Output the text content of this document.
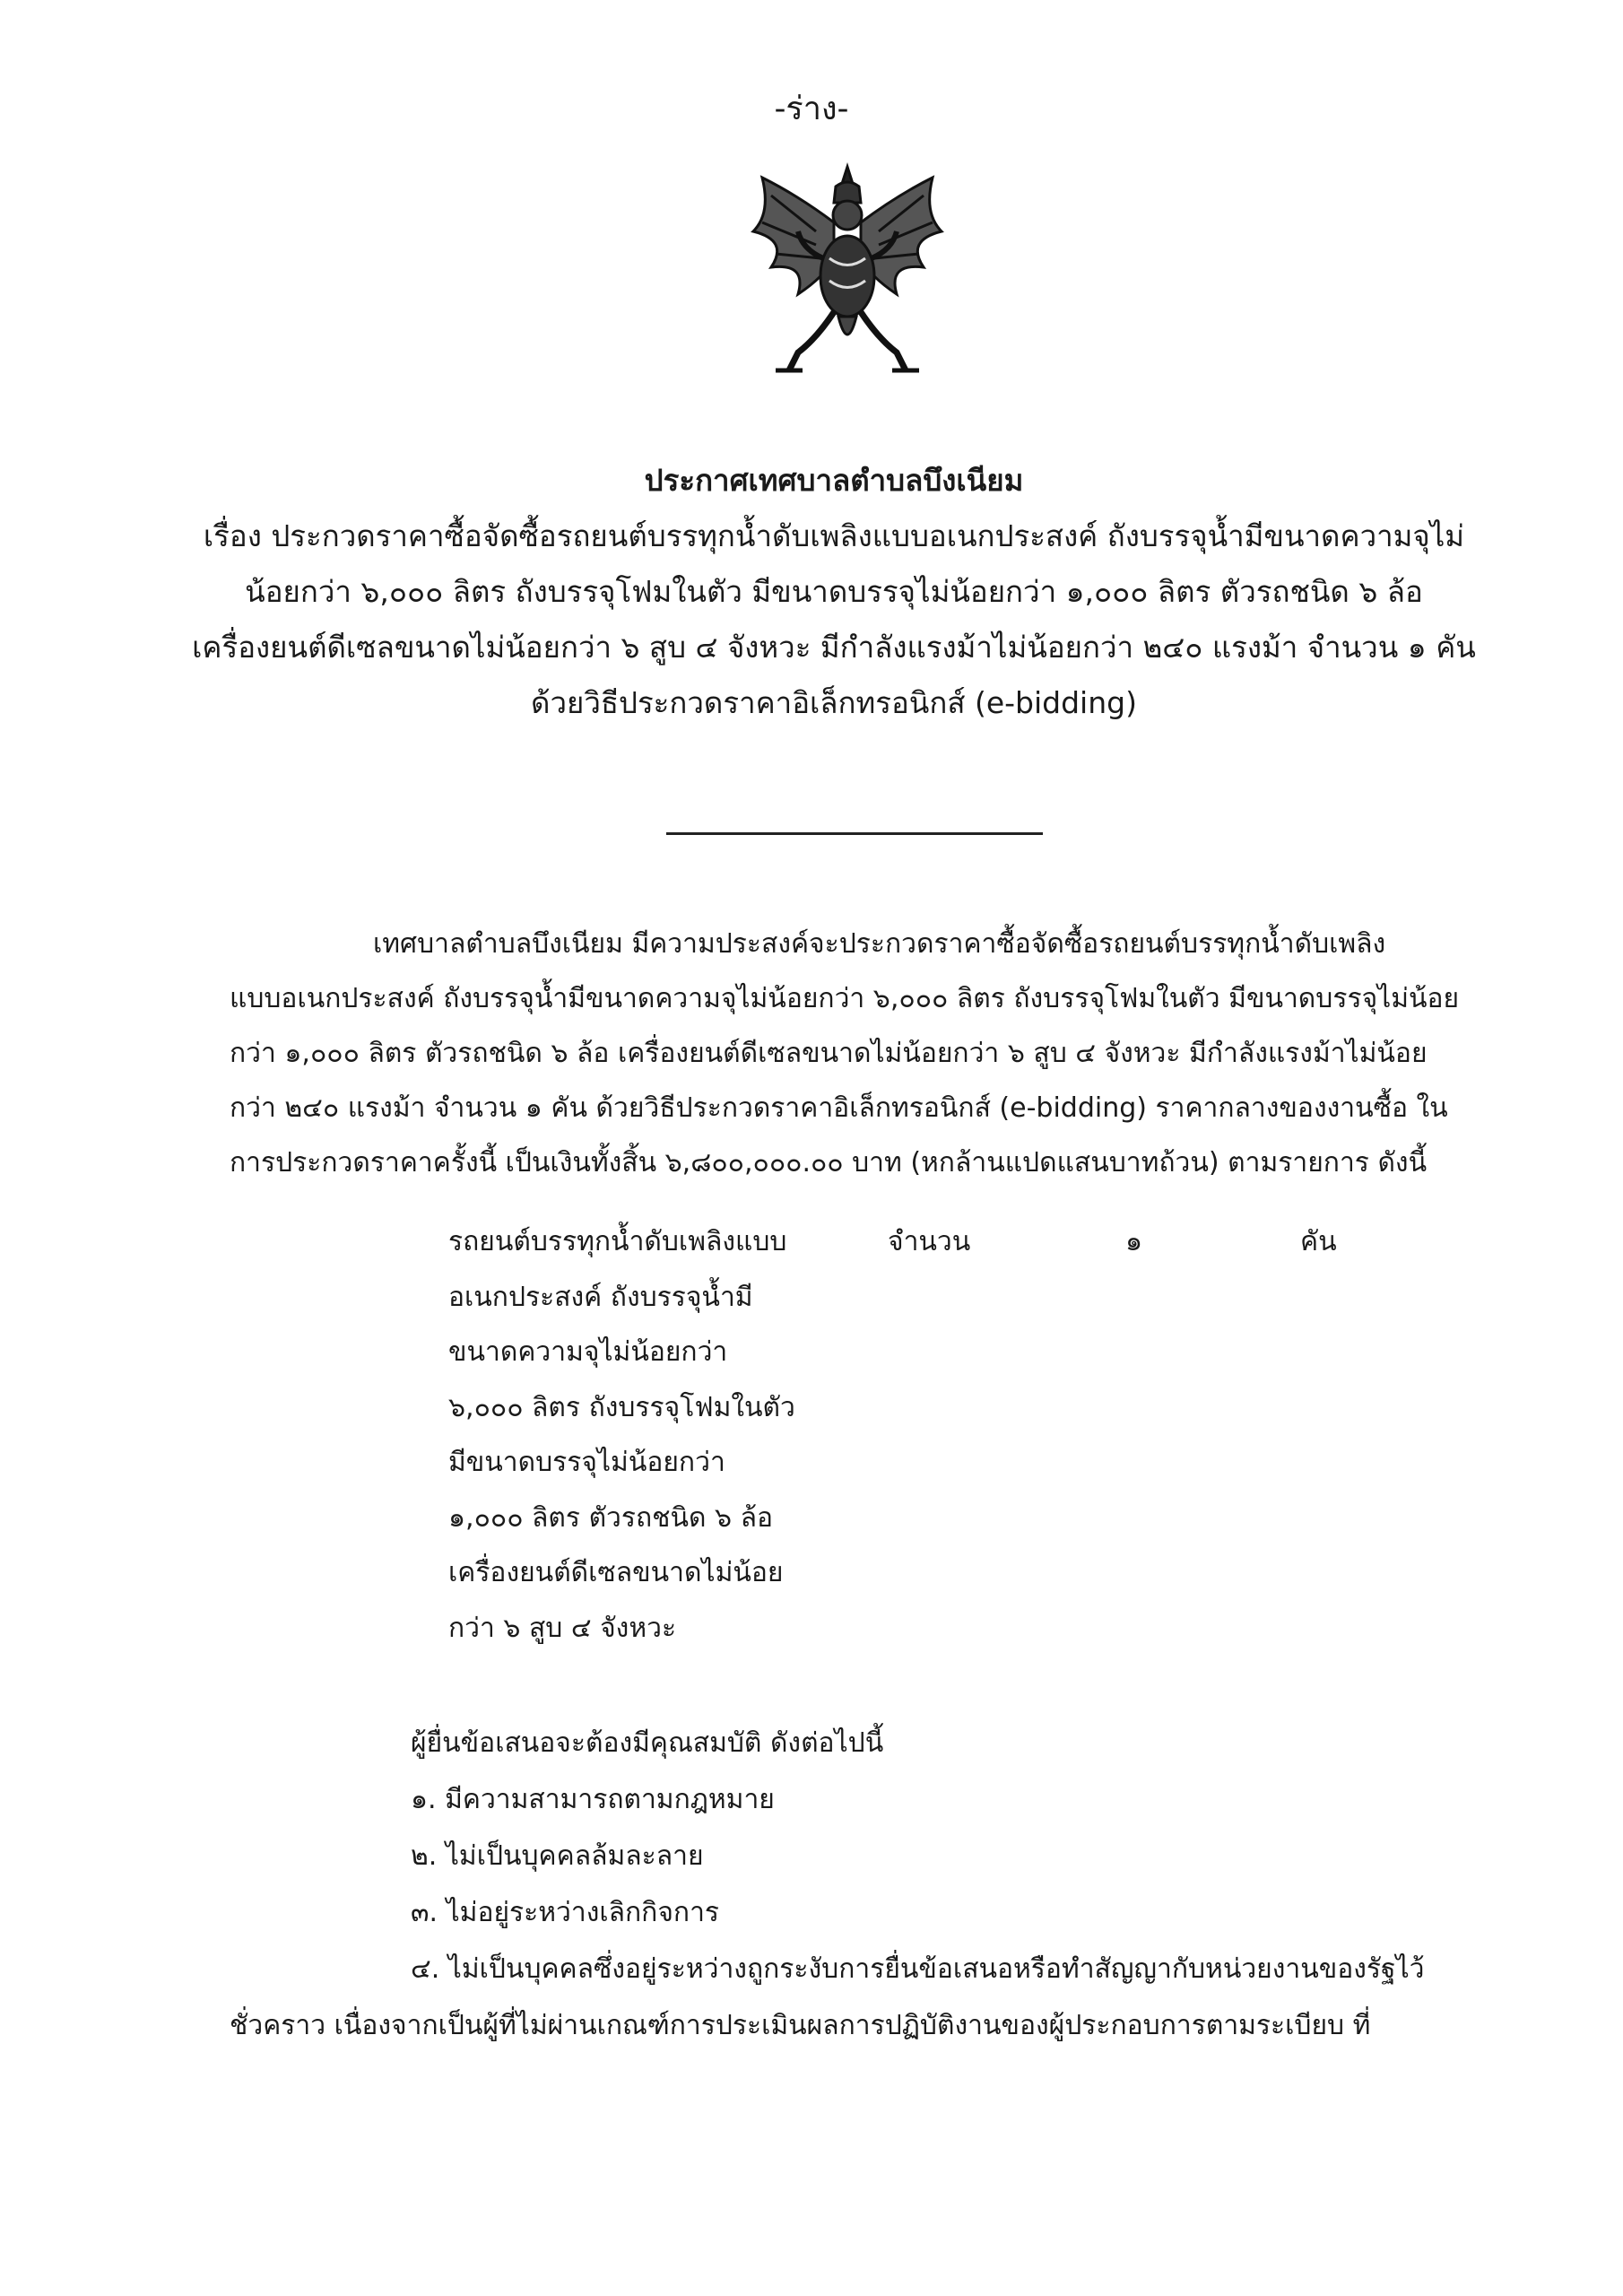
-ร่าง-
ประกาศเทศบาลตำบลบึงเนียม
เรื่อง ประกวดราคาซื้อจัดซื้อรถยนต์บรรทุกน้ำดับเพลิงแบบอเนกประสงค์ ถังบรรจุน้ำมีขนาดความจุไม่
น้อยกว่า ๖,๐๐๐ ลิตร ถังบรรจุโฟมในตัว มีขนาดบรรจุไม่น้อยกว่า ๑,๐๐๐ ลิตร ตัวรถชนิด ๖ ล้อ
เครื่องยนต์ดีเซลขนาดไม่น้อยกว่า ๖ สูบ ๔ จังหวะ มีกำลังแรงม้าไม่น้อยกว่า ๒๔๐ แรงม้า จำนวน ๑ คัน
ด้วยวิธีประกวดราคาอิเล็กทรอนิกส์ (e-bidding)

เทศบาลตำบลบึงเนียม มีความประสงค์จะประกวดราคาซื้อจัดซื้อรถยนต์บรรทุกน้ำดับเพลิง

แบบอเนกประสงค์ ถังบรรจุน้ำมีขนาดความจุไม่น้อยกว่า ๖,๐๐๐ ลิตร ถังบรรจุโฟมในตัว มีขนาดบรรจุไม่น้อย

กว่า ๑,๐๐๐ ลิตร ตัวรถชนิด ๖ ล้อ เครื่องยนต์ดีเซลขนาดไม่น้อยกว่า ๖ สูบ ๔ จังหวะ มีกำลังแรงม้าไม่น้อย

กว่า ๒๔๐ แรงม้า จำนวน ๑ คัน ด้วยวิธีประกวดราคาอิเล็กทรอนิกส์ (e-bidding) ราคากลางของงานซื้อ ใน

การประกวดราคาครั้งนี้ เป็นเงินทั้งสิ้น ๖,๘๐๐,๐๐๐.๐๐ บาท (หกล้านแปดแสนบาทถ้วน) ตามรายการ ดังนี้

รถยนต์บรรทุกน้ำดับเพลิงแบบ
อเนกประสงค์ ถังบรรจุน้ำมี
ขนาดความจุไม่น้อยกว่า
๖,๐๐๐ ลิตร ถังบรรจุโฟมในตัว
มีขนาดบรรจุไม่น้อยกว่า
๑,๐๐๐ ลิตร ตัวรถชนิด ๖ ล้อ
เครื่องยนต์ดีเซลขนาดไม่น้อย
กว่า ๖ สูบ ๔ จังหวะ
จำนวน	๑	คัน

ผู้ยื่นข้อเสนอจะต้องมีคุณสมบัติ ดังต่อไปนี้

๑. มีความสามารถตามกฎหมาย

๒. ไม่เป็นบุคคลล้มละลาย

๓. ไม่อยู่ระหว่างเลิกกิจการ

๔. ไม่เป็นบุคคลซึ่งอยู่ระหว่างถูกระงับการยื่นข้อเสนอหรือทำสัญญากับหน่วยงานของรัฐไว้

ชั่วคราว เนื่องจากเป็นผู้ที่ไม่ผ่านเกณฑ์การประเมินผลการปฏิบัติงานของผู้ประกอบการตามระเบียบ ที่
